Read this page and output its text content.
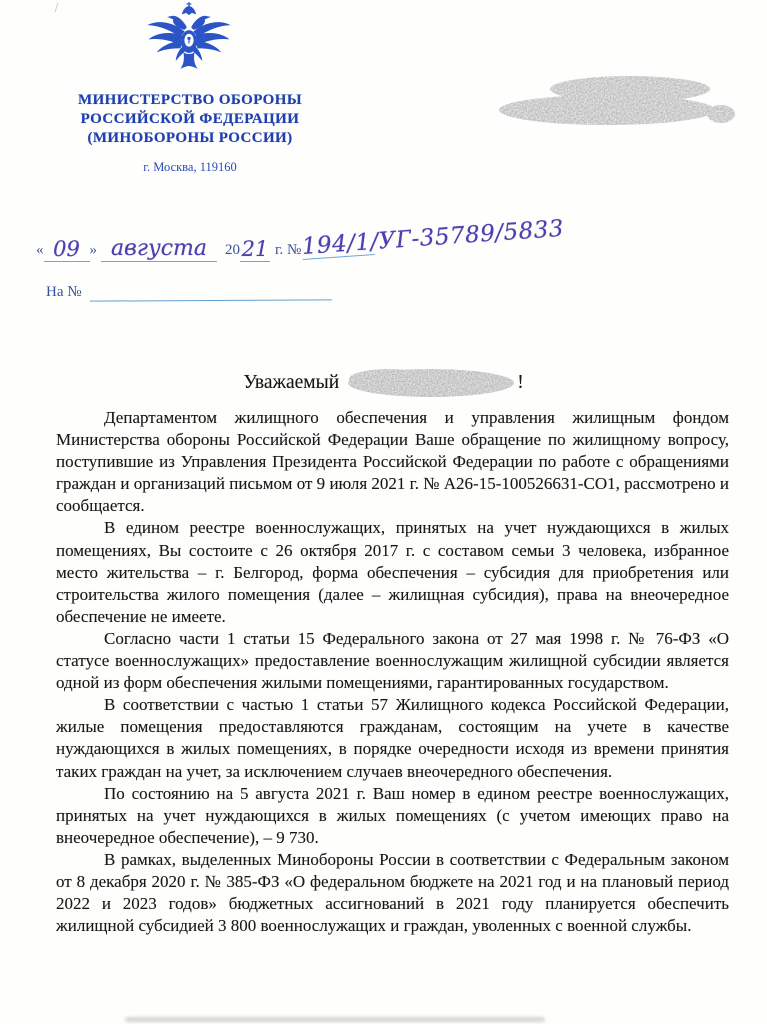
МИНИСТЕРСТВО ОБОРОНЫ
РОССИЙСКОЙ ФЕДЕРАЦИИ
(МИНОБОРОНЫ РОССИИ)
г. Москва, 119160
« 09 » августа	20 21 г. № 194/1/УГ-35789/5833
На №
Уважаемый	!

Департаментом жилищного обеспечения и управления жилищным фондом Министерства обороны Российской Федерации Ваше обращение по жилищному вопросу, поступившие из Управления Президента Российской Федерации по работе с обращениями граждан и организаций письмом от 9 июля 2021 г. № А26-15-100526631-СО1, рассмотрено и сообщается.

В едином реестре военнослужащих, принятых на учет нуждающихся в жилых помещениях, Вы состоите с 26 октября 2017 г. с составом семьи 3 человека, избранное место жительства – г. Белгород, форма обеспечения – субсидия для приобретения или строительства жилого помещения (далее – жилищная субсидия), права на внеочередное обеспечение не имеете.

Согласно части 1 статьи 15 Федерального закона от 27 мая 1998 г. № 76-ФЗ «О статусе военнослужащих» предоставление военнослужащим жилищной субсидии является одной из форм обеспечения жилыми помещениями, гарантированных государством.

В соответствии с частью 1 статьи 57 Жилищного кодекса Российской Федерации, жилые помещения предоставляются гражданам, состоящим на учете в качестве нуждающихся в жилых помещениях, в порядке очередности исходя из времени принятия таких граждан на учет, за исключением случаев внеочередного обеспечения.

По состоянию на 5 августа 2021 г. Ваш номер в едином реестре военнослужащих, принятых на учет нуждающихся в жилых помещениях (с учетом имеющих право на внеочередное обеспечение), – 9 730.

В рамках, выделенных Минобороны России в соответствии с Федеральным законом от 8 декабря 2020 г. № 385-ФЗ «О федеральном бюджете на 2021 год и на плановый период 2022 и 2023 годов» бюджетных ассигнований в 2021 году планируется обеспечить жилищной субсидией 3 800 военнослужащих и граждан, уволенных с военной службы.
